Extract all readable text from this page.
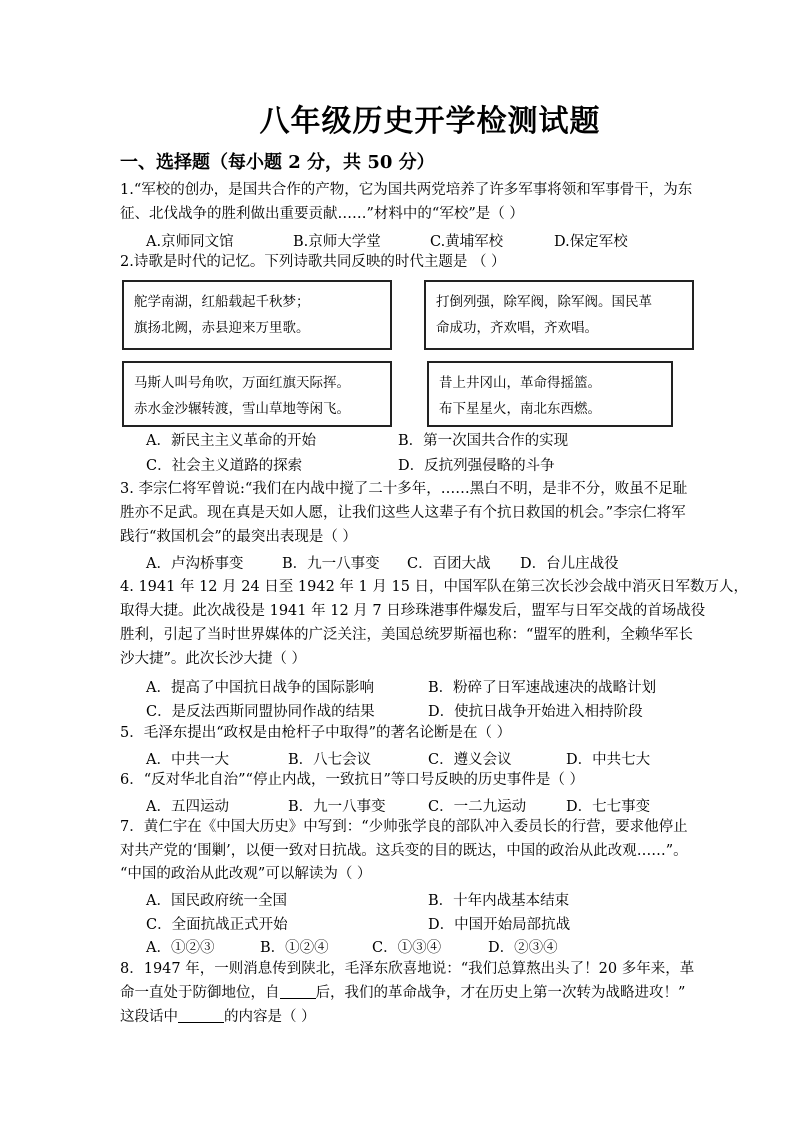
八年级历史开学检测试题
一、选择题（每小题 2 分，共 50 分）
1.“军校的创办，是国共合作的产物，它为国共两党培养了许多军事将领和军事骨干，为东
征、北伐战争的胜利做出重要贡献……”材料中的“军校”是（ ）
A.京师同文馆	B.京师大学堂	C.黄埔军校	D.保定军校
2.诗歌是时代的记忆。下列诗歌共同反映的时代主题是 （ ）
舵学南湖，红船载起千秋梦；
旗扬北阙，赤县迎来万里歌。
打倒列强，除军阀，除军阀。国民革
命成功，齐欢唱，齐欢唱。
马斯人叫号角吹，万面红旗天际挥。
赤水金沙辗转渡，雪山草地等闲飞。
昔上井冈山，革命得摇篮。
布下星星火，南北东西燃。
A．新民主主义革命的开始	B．第一次国共合作的实现
C．社会主义道路的探索	D．反抗列强侵略的斗争
3. 李宗仁将军曾说:“我们在内战中搅了二十多年，……黑白不明，是非不分，败虽不足耻
胜亦不足武。现在真是天如人愿，让我们这些人这辈子有个抗日救国的机会。”李宗仁将军
践行“救国机会”的最突出表现是（ ）
A．卢沟桥事变	B．九一八事变 C．百团大战 D．台儿庄战役
4. 1941 年 12 月 24 日至 1942 年 1 月 15 日，中国军队在第三次长沙会战中消灭日军数万人，
取得大捷。此次战役是 1941 年 12 月 7 日珍珠港事件爆发后，盟军与日军交战的首场战役
胜利，引起了当时世界媒体的广泛关注，美国总统罗斯福也称：“盟军的胜利，全赖华军长
沙大捷”。此次长沙大捷（ ）
A．提高了中国抗日战争的国际影响	B．粉碎了日军速战速决的战略计划
C．是反法西斯同盟协同作战的结果	D．使抗日战争开始进入相持阶段
5．毛泽东提出“政权是由枪杆子中取得”的著名论断是在（ ）
A．中共一大	B．八七会议	C．遵义会议	D．中共七大
6．“反对华北自治”“停止内战，一致抗日”等口号反映的历史事件是（ ）
A．五四运动	B．九一八事变	C．一二九运动	D．七七事变
7．黄仁宇在《中国大历史》中写到：“少帅张学良的部队冲入委员长的行营，要求他停止
对共产党的‘围剿’，以便一致对日抗战。这兵变的目的既达，中国的政治从此改观……”。
“中国的政治从此改观”可以解读为（ ）
A．国民政府统一全国	B．十年内战基本结束
C．全面抗战正式开始	D．中国开始局部抗战
A．①②③	B．①②④	C．①③④	D．②③④
8．1947 年，一则消息传到陕北，毛泽东欣喜地说：“我们总算熬出头了！20 多年来，革
命一直处于防御地位，自 后，我们的革命战争，才在历史上第一次转为战略进攻！”
这段话中	的内容是（ ）
